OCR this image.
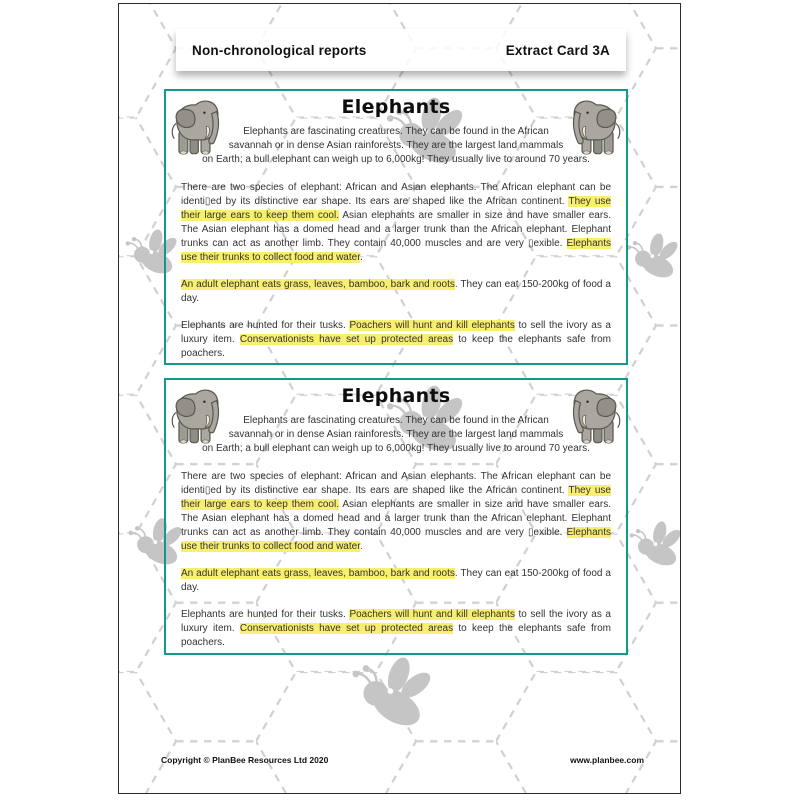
Non-chronological reports	Extract Card 3A
Elephants
Elephants are fascinating creatures. They can be found in the African
savannah or in dense Asian rainforests. They are the largest land mammals
on Earth; a bull elephant can weigh up to 6,000kg! They usually live to around 70 years.

There are two species of elephant: African and Asian elephants. The African elephant can be identi▯ed by its distinctive ear shape. Its ears are shaped like the African continent. They use their large ears to keep them cool. Asian elephants are smaller in size and have smaller ears. The Asian elephant has a domed head and a larger trunk than the African elephant. Elephant trunks can act as another limb. They contain 40,000 muscles and are very ▯exible. Elephants use their trunks to collect food and water.

An adult elephant eats grass, leaves, bamboo, bark and roots. They can eat 150-200kg of food a day.

Elephants are hunted for their tusks. Poachers will hunt and kill elephants to sell the ivory as a luxury item. Conservationists have set up protected areas to keep the elephants safe from poachers.

Elephants
Elephants are fascinating creatures. They can be found in the African
savannah or in dense Asian rainforests. They are the largest land mammals
on Earth; a bull elephant can weigh up to 6,000kg! They usually live to around 70 years.

There are two species of elephant: African and Asian elephants. The African elephant can be identi▯ed by its distinctive ear shape. Its ears are shaped like the African continent. They use their large ears to keep them cool. Asian elephants are smaller in size and have smaller ears. The Asian elephant has a domed head and a larger trunk than the African elephant. Elephant trunks can act as another limb. They contain 40,000 muscles and are very ▯exible. Elephants use their trunks to collect food and water.

An adult elephant eats grass, leaves, bamboo, bark and roots. They can eat 150-200kg of food a day.

Elephants are hunted for their tusks. Poachers will hunt and kill elephants to sell the ivory as a luxury item. Conservationists have set up protected areas to keep the elephants safe from poachers.

Copyright © PlanBee Resources Ltd 2020	www.planbee.com
